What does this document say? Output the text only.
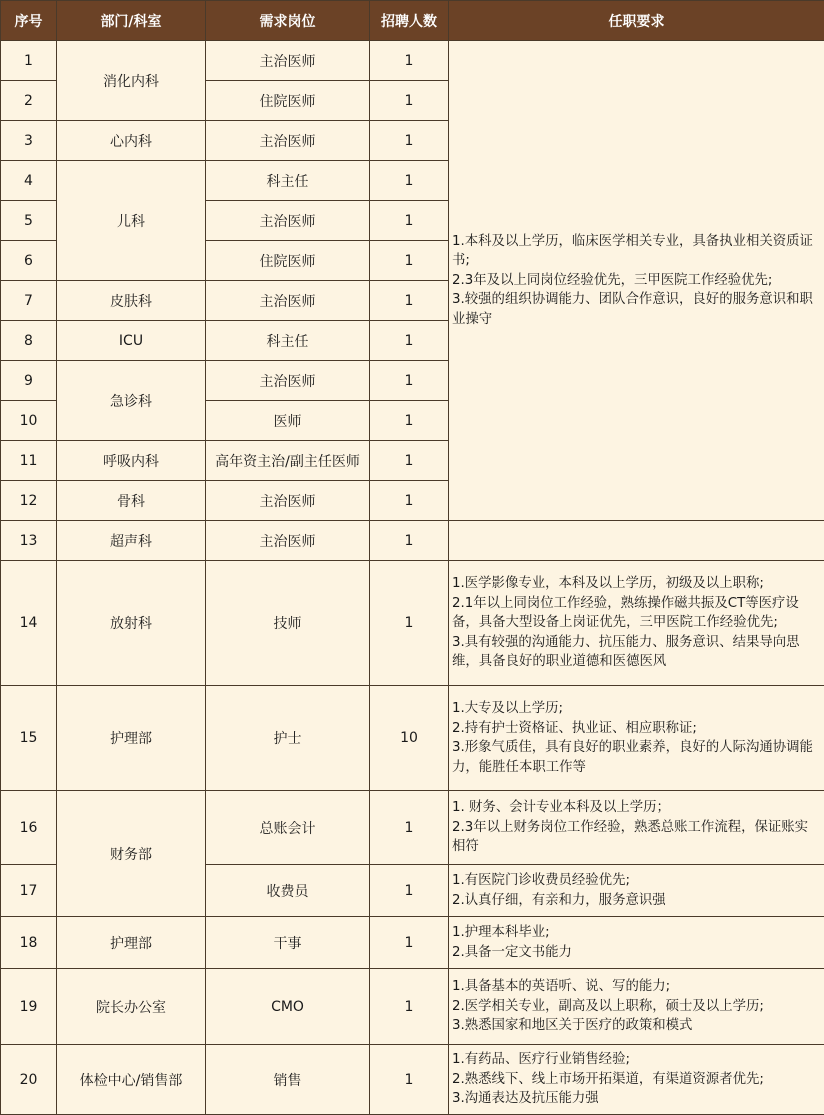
序号	部门/科室	需求岗位	招聘人数	任职要求
1	消化内科	主治医师	1	1.本科及以上学历，临床医学相关专业，具备执业相关资质证书;
2.3年及以上同岗位经验优先，三甲医院工作经验优先;
3.较强的组织协调能力、团队合作意识，良好的服务意识和职业操守
2		住院医师	1	
3	心内科	主治医师	1	
4	儿科	科主任	1	
5		主治医师	1	
6		住院医师	1	
7	皮肤科	主治医师	1	
8	ICU	科主任	1	
9	急诊科	主治医师	1	
10		医师	1	
11	呼吸内科	高年资主治/副主任医师	1	
12	骨科	主治医师	1	
13	超声科	主治医师	1	
14	放射科	技师	1	1.医学影像专业，本科及以上学历，初级及以上职称;
2.1年以上同岗位工作经验，熟练操作磁共振及CT等医疗设备，具备大型设备上岗证优先，三甲医院工作经验优先;
3.具有较强的沟通能力、抗压能力、服务意识、结果导向思维，具备良好的职业道德和医德医风
15	护理部	护士	10	1.大专及以上学历;
2.持有护士资格证、执业证、相应职称证;
3.形象气质佳，具有良好的职业素养，良好的人际沟通协调能力，能胜任本职工作等
16	财务部	总账会计	1	1. 财务、会计专业本科及以上学历；
2.3年以上财务岗位工作经验，熟悉总账工作流程，保证账实相符
17		收费员	1	1.有医院门诊收费员经验优先;
2.认真仔细，有亲和力，服务意识强
18	护理部	干事	1	1.护理本科毕业;
2.具备一定文书能力
19	院长办公室	CMO	1	1.具备基本的英语听、说、写的能力;
2.医学相关专业，副高及以上职称，硕士及以上学历;
3.熟悉国家和地区关于医疗的政策和模式
20	体检中心/销售部	销售	1	1.有药品、医疗行业销售经验;
2.熟悉线下、线上市场开拓渠道，有渠道资源者优先;
3.沟通表达及抗压能力强
